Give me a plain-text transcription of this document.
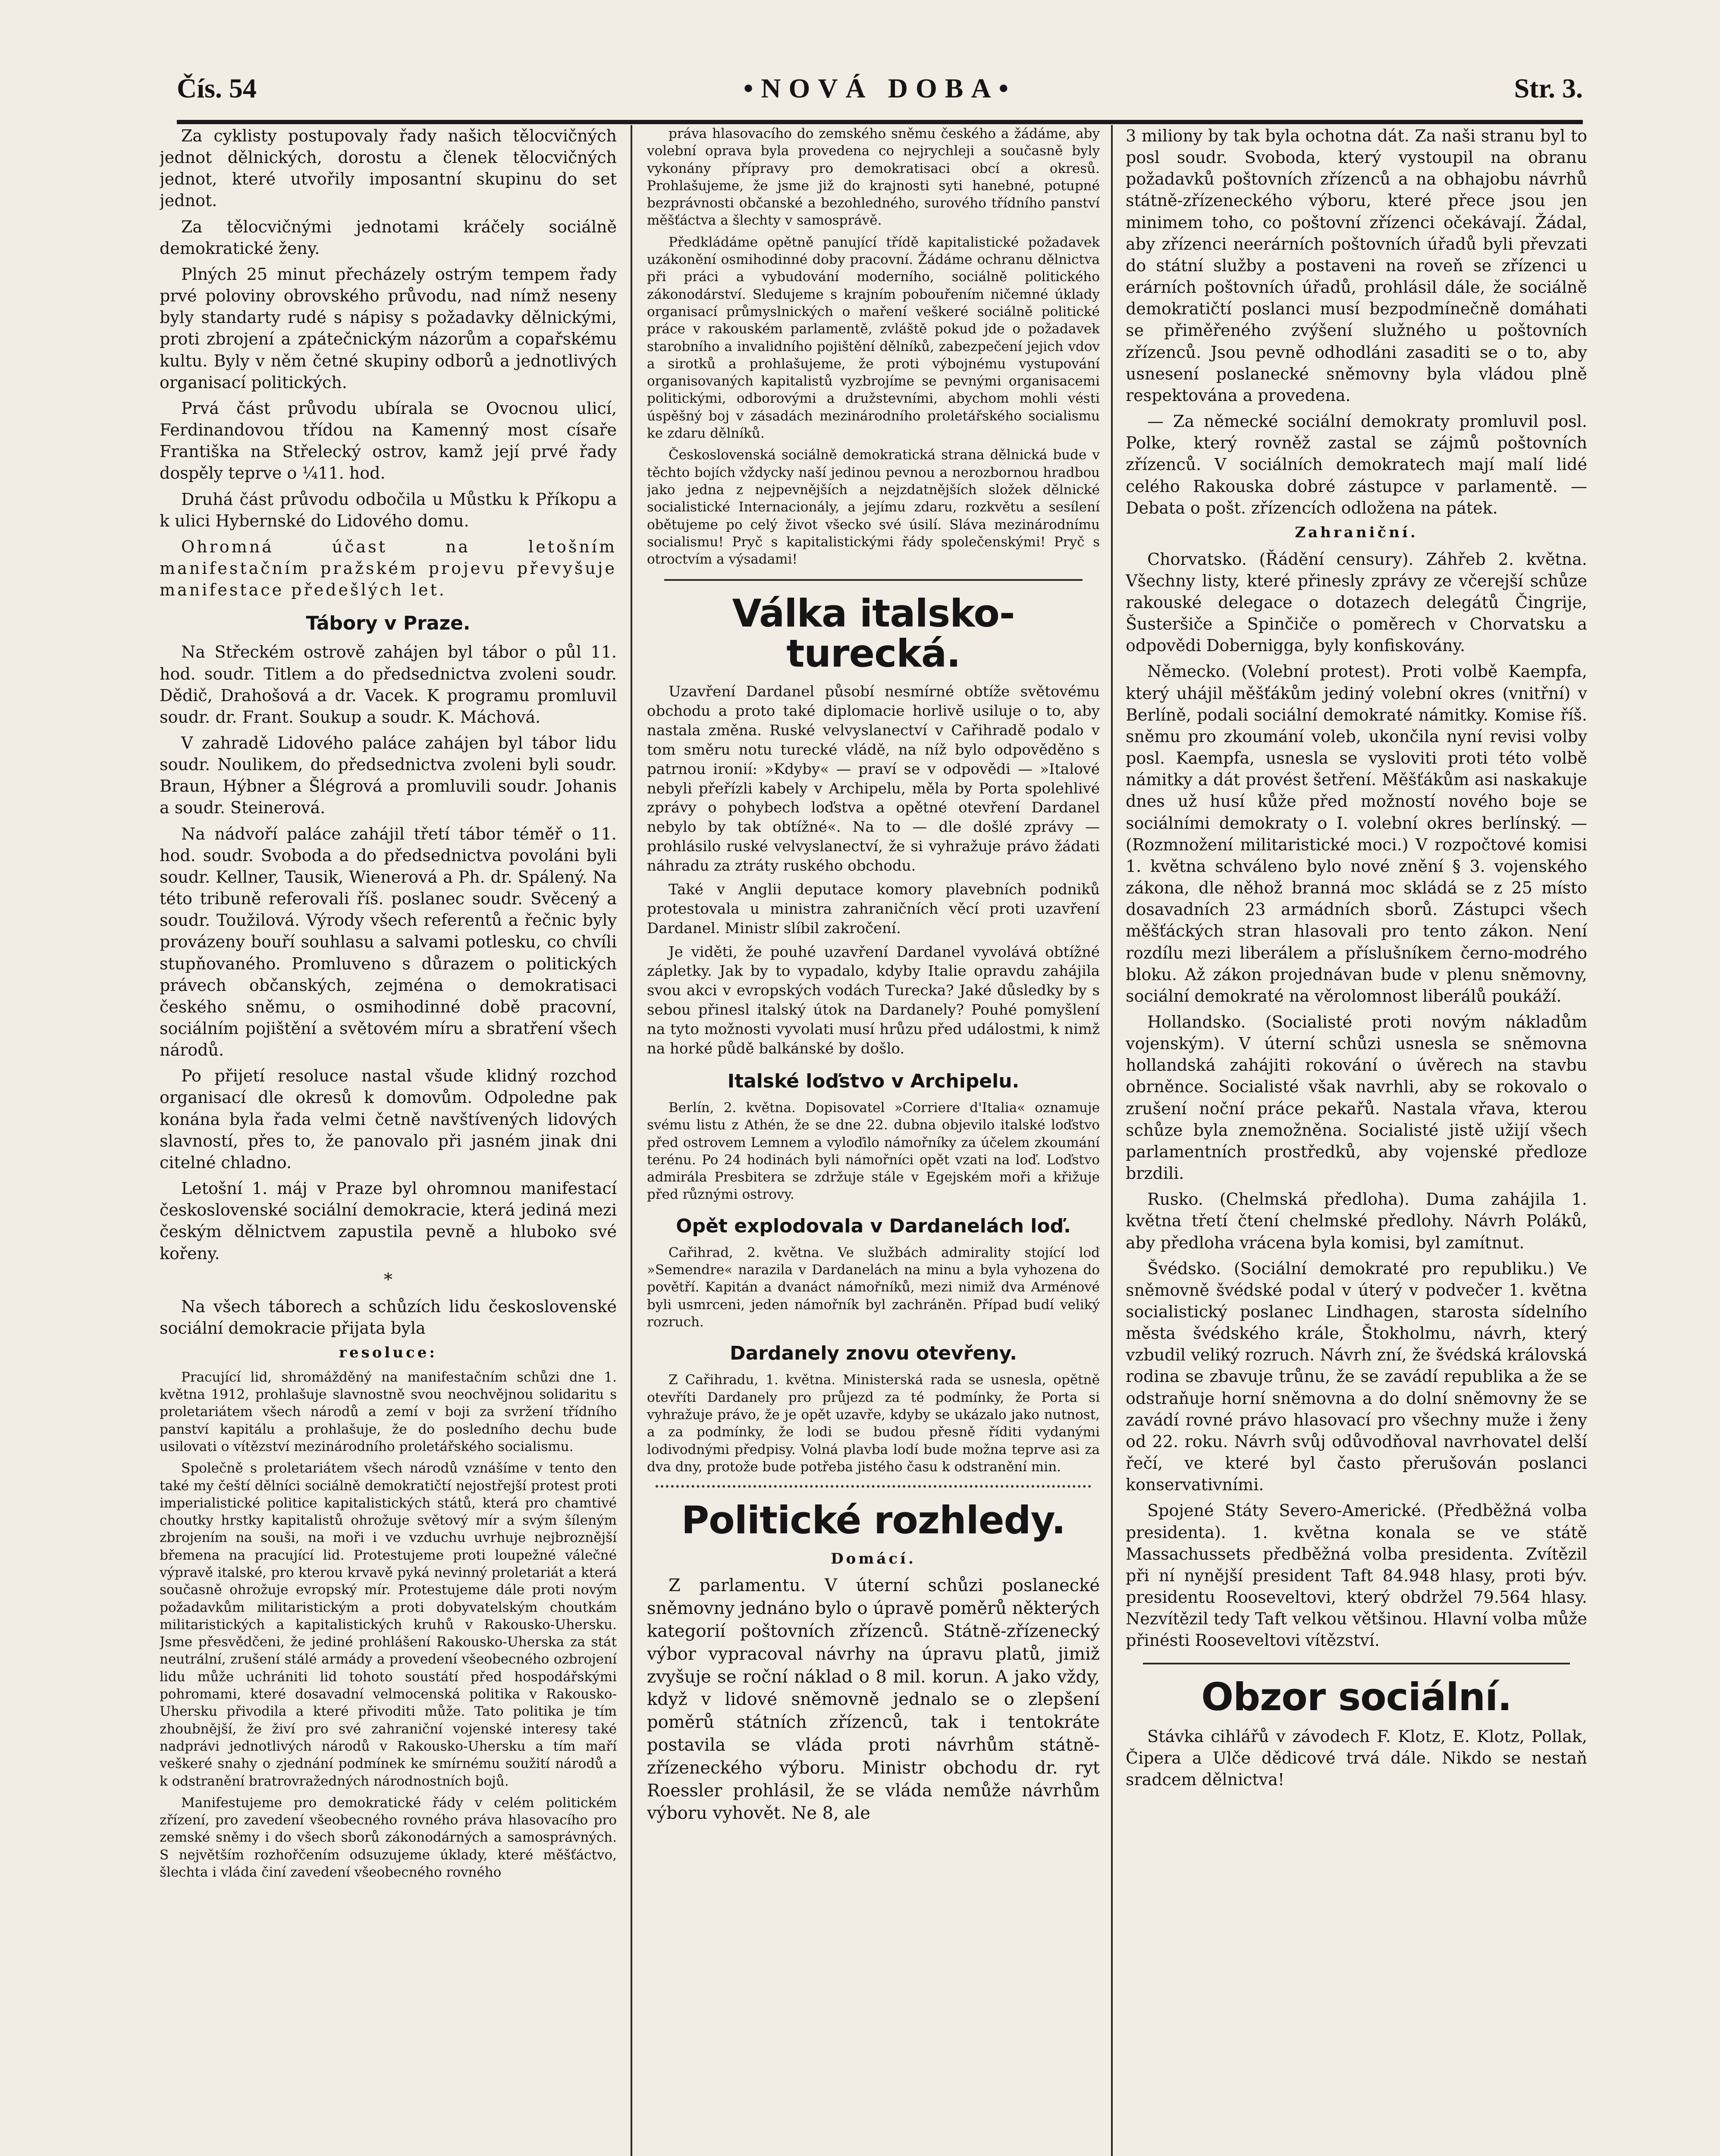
Čís. 54	•NOVÁ DOBA•	Str. 3.

Za cyklisty postupovaly řady našich tělocvičných jednot dělnických, dorostu a členek tělocvičných jednot, které utvořily imposantní skupinu do set jednot.

Za tělocvičnými jednotami kráčely sociálně demokratické ženy.

Plných 25 minut přecházely ostrým tempem řady prvé poloviny obrovského průvodu, nad nímž neseny byly standarty rudé s nápisy s požadavky dělnickými, proti zbrojení a zpátečnickým názorům a copařskému kultu. Byly v něm četné skupiny odborů a jednotlivých organisací politických.

Prvá část průvodu ubírala se Ovocnou ulicí, Ferdinandovou třídou na Kamenný most císaře Františka na Střelecký ostrov, kamž její prvé řady dospěly teprve o ¼11. hod.

Druhá část průvodu odbočila u Můstku k Příkopu a k ulici Hybernské do Lidového domu.

Ohromná účast na letošním manifestačním pražském projevu převyšuje manifestace předešlých let.

Tábory v Praze.

Na Střeckém ostrově zahájen byl tábor o půl 11. hod. soudr. Titlem a do předsednictva zvoleni soudr. Dědič, Drahošová a dr. Vacek. K programu promluvil soudr. dr. Frant. Soukup a soudr. K. Máchová.

V zahradě Lidového paláce zahájen byl tábor lidu soudr. Noulikem, do předsednictva zvoleni byli soudr. Braun, Hýbner a Šlégrová a promluvili soudr. Johanis a soudr. Steinerová.

Na nádvoří paláce zahájil třetí tábor téměř o 11. hod. soudr. Svoboda a do předsednictva povoláni byli soudr. Kellner, Tausik, Wienerová a Ph. dr. Spálený. Na této tribuně referovali říš. poslanec soudr. Svěcený a soudr. Toužilová. Výrody všech referentů a řečnic byly provázeny bouří souhlasu a salvami potlesku, co chvíli stupňovaného. Promluveno s důrazem o politických právech občanských, zejména o demokratisaci českého sněmu, o osmihodinné době pracovní, sociálním pojištění a světovém míru a sbratření všech národů.

Po přijetí resoluce nastal všude klidný rozchod organisací dle okresů k domovům. Odpoledne pak konána byla řada velmi četně navštívených lidových slavností, přes to, že panovalo při jasném jinak dni citelné chladno.

Letošní 1. máj v Praze byl ohromnou manifestací československé sociální demokracie, která jediná mezi českým dělnictvem zapustila pevně a hluboko své kořeny.

*

Na všech táborech a schůzích lidu československé sociální demokracie přijata byla

resoluce:

Pracující lid, shromážděný na manifestačním schůzi dne 1. května 1912, prohlašuje slavnostně svou neochvějnou solidaritu s proletariátem všech národů a zemí v boji za svržení třídního panství kapitálu a prohlašuje, že do posledního dechu bude usilovati o vítězství mezinárodního proletářského socialismu.

Společně s proletariátem všech národů vznášíme v tento den také my čeští dělníci sociálně demokratičtí nejostřejší protest proti imperialistické politice kapitalistických států, která pro chamtivé choutky hrstky kapitalistů ohrožuje světový mír a svým šíleným zbrojením na souši, na moři i ve vzduchu uvrhuje nejbroznější břemena na pracující lid. Protestujeme proti loupežné válečné výpravě italské, pro kterou krvavě pyká nevinný proletariát a která současně ohrožuje evropský mír. Protestujeme dále proti novým požadavkům militaristickým a proti dobyvatelským choutkám militaristických a kapitalistických kruhů v Rakousko-Uhersku. Jsme přesvědčeni, že jediné prohlášení Rakousko-Uherska za stát neutrální, zrušení stálé armády a provedení všeobecného ozbrojení lidu může uchrániti lid tohoto soustátí před hospodářskými pohromami, které dosavadní velmocenská politika v Rakousko-Uhersku přivodila a které přivoditi může. Tato politika je tím zhoubnější, že živí pro své zahraniční vojenské interesy také nadprávi jednotlivých národů v Rakousko-Uhersku a tím maří veškeré snahy o zjednání podmínek ke smírnému soužití národů a k odstranění bratrovražedných národnostních bojů.

Manifestujeme pro demokratické řády v celém politickém zřízení, pro zavedení všeobecného rovného práva hlasovacího pro zemské sněmy i do všech sborů zákonodárných a samosprávných. S největším rozhořčením odsuzujeme úklady, které měšťáctvo, šlechta i vláda činí zavedení všeobecného rovného

práva hlasovacího do zemského sněmu českého a žádáme, aby volební oprava byla provedena co nejrychleji a současně byly vykonány přípravy pro demokratisaci obcí a okresů. Prohlašujeme, že jsme již do krajnosti syti hanebné, potupné bezprávnosti občanské a bezohledného, surového třídního panství měšťáctva a šlechty v samosprávě.

Předkládáme opětně panující třídě kapitalistické požadavek uzákonění osmihodinné doby pracovní. Žádáme ochranu dělnictva při práci a vybudování moderního, sociálně politického zákonodárství. Sledujeme s krajním pobouřením ničemné úklady organisací průmyslnických o maření veškeré sociálně politické práce v rakouském parlamentě, zvláště pokud jde o požadavek starobního a invalidního pojištění dělníků, zabezpečení jejich vdov a sirotků a prohlašujeme, že proti výbojnému vystupování organisovaných kapitalistů vyzbrojíme se pevnými organisacemi politickými, odborovými a družstevními, abychom mohli vésti úspěšný boj v zásadách mezinárodního proletářského socialismu ke zdaru dělníků.

Československá sociálně demokratická strana dělnická bude v těchto bojích vždycky naší jedinou pevnou a nerozbornou hradbou jako jedna z nejpevnějších a nejzdatnějších složek dělnické socialistické Internacionály, a jejímu zdaru, rozkvětu a sesílení obětujeme po celý život všecko své úsilí. Sláva mezinárodnímu socialismu! Pryč s kapitalistickými řády společenskými! Pryč s otroctvím a výsadami!

Válka italsko-turecká.

Uzavření Dardanel působí nesmírné obtíže světovému obchodu a proto také diplomacie horlivě usiluje o to, aby nastala změna. Ruské velvyslanectví v Cařihradě podalo v tom směru notu turecké vládě, na níž bylo odpověděno s patrnou ironií: »Kdyby« — praví se v odpovědi — »Italové nebyli přeřízli kabely v Archipelu, měla by Porta spolehlivé zprávy o pohybech loďstva a opětné otevření Dardanel nebylo by tak obtížné«. Na to — dle došlé zprávy — prohlásilo ruské velvyslanectví, že si vyhražuje právo žádati náhradu za ztráty ruského obchodu.

Také v Anglii deputace komory plavebních podniků protestovala u ministra zahraničních věcí proti uzavření Dardanel. Ministr slíbil zakročení.

Je viděti, že pouhé uzavření Dardanel vyvolává obtížné zápletky. Jak by to vypadalo, kdyby Italie opravdu zahájila svou akci v evropských vodách Turecka? Jaké důsledky by s sebou přinesl italský útok na Dardanely? Pouhé pomyšlení na tyto možnosti vyvolati musí hrůzu před událostmi, k nimž na horké půdě balkánské by došlo.

Italské loďstvo v Archipelu.

Berlín, 2. května. Dopisovatel »Corriere d'Italia« oznamuje svému listu z Athén, že se dne 22. dubna objevilo italské loďstvo před ostrovem Lemnem a vyloďilo námořníky za účelem zkoumání terénu. Po 24 hodinách byli námořníci opět vzati na loď. Loďstvo admirála Presbitera se zdržuje stále v Egejském moři a křižuje před různými ostrovy.

Opět explodovala v Dardanelách loď.

Cařihrad, 2. května. Ve službách admirality stojící loď »Semendre« narazila v Dardanelách na minu a byla vyhozena do povětří. Kapitán a dvanáct námořníků, mezi nimiž dva Arménové byli usmrceni, jeden námořník byl zachráněn. Případ budí veliký rozruch.

Dardanely znovu otevřeny.

Z Cařihradu, 1. května. Ministerská rada se usnesla, opětně otevříti Dardanely pro průjezd za té podmínky, že Porta si vyhražuje právo, že je opět uzavře, kdyby se ukázalo jako nutnost, a za podmínky, že lodi se budou přesně říditi vydanými lodivodnými předpisy. Volná plavba lodí bude možna teprve asi za dva dny, protože bude potřeba jistého času k odstranění min.

Politické rozhledy.
Domácí.

Z parlamentu. V úterní schůzi poslanecké sněmovny jednáno bylo o úpravě poměrů některých kategorií poštovních zřízenců. Státně-zřízenecký výbor vypracoval návrhy na úpravu platů, jimiž zvyšuje se roční náklad o 8 mil. korun. A jako vždy, když v lidové sněmovně jednalo se o zlepšení poměrů státních zřízenců, tak i tentokráte postavila se vláda proti návrhům státně-zřízeneckého výboru. Ministr obchodu dr. ryt Roessler prohlásil, že se vláda nemůže návrhům výboru vyhovět. Ne 8, ale

3 miliony by tak byla ochotna dát. Za naši stranu byl to posl soudr. Svoboda, který vystoupil na obranu požadavků poštovních zřízenců a na obhajobu návrhů státně-zřízeneckého výboru, které přece jsou jen minimem toho, co poštovní zřízenci očekávají. Žádal, aby zřízenci neerárních poštovních úřadů byli převzati do státní služby a postaveni na roveň se zřízenci u erárních poštovních úřadů, prohlásil dále, že sociálně demokratičtí poslanci musí bezpodmínečně domáhati se přiměřeného zvýšení služného u poštovních zřízenců. Jsou pevně odhodláni zasaditi se o to, aby usnesení poslanecké sněmovny byla vládou plně respektována a provedena.

— Za německé sociální demokraty promluvil posl. Polke, který rovněž zastal se zájmů poštovních zřízenců. V sociálních demokratech mají malí lidé celého Rakouska dobré zástupce v parlamentě. — Debata o pošt. zřízencích odložena na pátek.

Zahraniční.

Chorvatsko. (Řádění censury). Záhřeb 2. května. Všechny listy, které přinesly zprávy ze včerejší schůze rakouské delegace o dotazech delegátů Čingrije, Šusteršiče a Spinčiče o poměrech v Chorvatsku a odpovědi Dobernigga, byly konfiskovány.

Německo. (Volební protest). Proti volbě Kaempfa, který uhájil měšťákům jediný volební okres (vnitřní) v Berlíně, podali sociální demokraté námitky. Komise říš. sněmu pro zkoumání voleb, ukončila nyní revisi volby posl. Kaempfa, usnesla se vysloviti proti této volbě námitky a dát provést šetření. Měšťákům asi naskakuje dnes už husí kůže před možností nového boje se sociálními demokraty o I. volební okres berlínský. — (Rozmnožení militaristické moci.) V rozpočtové komisi 1. května schváleno bylo nové znění § 3. vojenského zákona, dle něhož branná moc skládá se z 25 místo dosavadních 23 armádních sborů. Zástupci všech měšťáckých stran hlasovali pro tento zákon. Není rozdílu mezi liberálem a příslušníkem černo-modrého bloku. Až zákon projednávan bude v plenu sněmovny, sociální demokraté na věrolomnost liberálů poukáží.

Hollandsko. (Socialisté proti novým nákladům vojenským). V úterní schůzi usnesla se sněmovna hollandská zahájiti rokování o úvěrech na stavbu obrněnce. Socialisté však navrhli, aby se rokovalo o zrušení noční práce pekařů. Nastala vřava, kterou schůze byla znemožněna. Socialisté jistě užijí všech parlamentních prostředků, aby vojenské předloze brzdili.

Rusko. (Chelmská předloha). Duma zahájila 1. května třetí čtení chelmské předlohy. Návrh Poláků, aby předloha vrácena byla komisi, byl zamítnut.

Švédsko. (Sociální demokraté pro republiku.) Ve sněmovně švédské podal v úterý v podvečer 1. května socialistický poslanec Lindhagen, starosta sídelního města švédského krále, Štokholmu, návrh, který vzbudil veliký rozruch. Návrh zní, že švédská královská rodina se zbavuje trůnu, že se zavádí republika a že se odstraňuje horní sněmovna a do dolní sněmovny že se zavádí rovné právo hlasovací pro všechny muže i ženy od 22. roku. Návrh svůj odůvodňoval navrhovatel delší řečí, ve které byl často přerušován poslanci konservativními.

Spojené Státy Severo-Americké. (Předběžná volba presidenta). 1. května konala se ve státě Massachussets předběžná volba presidenta. Zvítězil při ní nynější president Taft 84.948 hlasy, proti býv. presidentu Rooseveltovi, který obdržel 79.564 hlasy. Nezvítězil tedy Taft velkou většinou. Hlavní volba může přinésti Rooseveltovi vítězství.

Obzor sociální.

Stávka cihlářů v závodech F. Klotz, E. Klotz, Pollak, Čipera a Ulče dědicové trvá dále. Nikdo se nestaň sradcem dělnictva!
